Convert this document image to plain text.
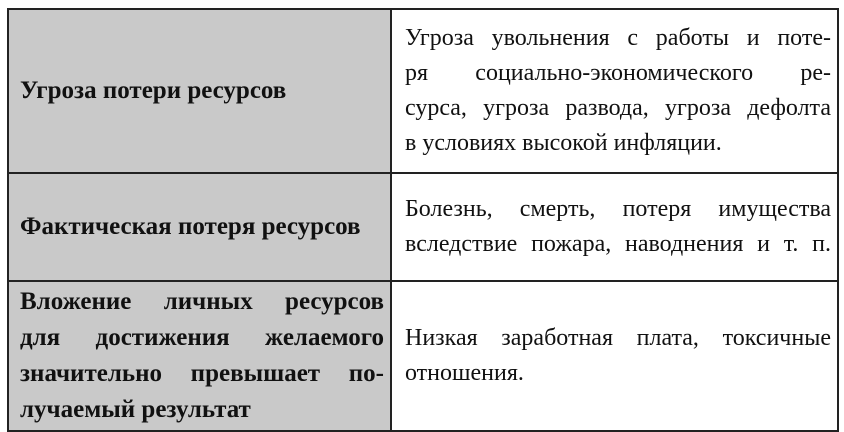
Угроза потери ресурсов	Угроза увольнения с работы и поте-
ря социально-экономического ре-
сурса, угроза развода, угроза дефолта
в условиях высокой инфляции.

Фактическая потеря ресурсов	Болезнь, смерть, потеря имущества
вследствие пожара, наводнения и т. п.

Вложение личных ресурсов
для достижения желаемого
значительно превышает по-
лучаемый результат	Низкая заработная плата, токсичные
отношения.
